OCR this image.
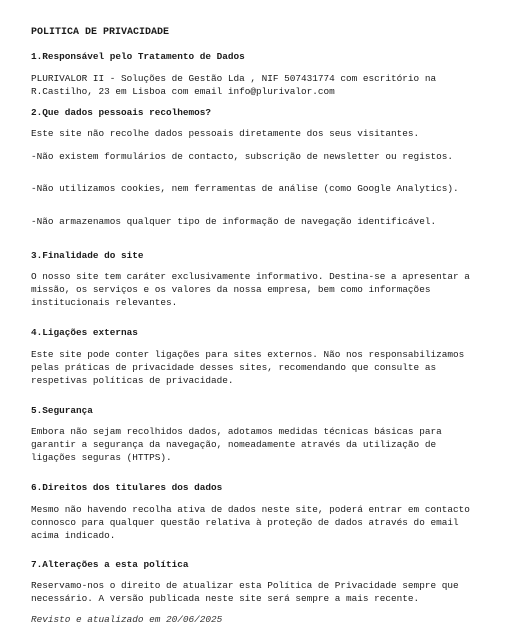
POLITICA DE PRIVACIDADE
1.Responsável pelo Tratamento de Dados
PLURIVALOR II - Soluções de Gestão Lda , NIF 507431774 com escritório na R.Castilho, 23 em Lisboa com email info@plurivalor.com
2.Que dados pessoais recolhemos?
Este site não recolhe dados pessoais diretamente dos seus visitantes.
-Não existem formulários de contacto, subscrição de newsletter ou registos.
-Não utilizamos cookies, nem ferramentas de análise (como Google Analytics).
-Não armazenamos qualquer tipo de informação de navegação identificável.
3.Finalidade do site
O nosso site tem caráter exclusivamente informativo. Destina-se a apresentar a missão, os serviços e os valores da nossa empresa, bem como informações institucionais relevantes.
4.Ligações externas
Este site pode conter ligações para sites externos. Não nos responsabilizamos pelas práticas de privacidade desses sites, recomendando que consulte as respetivas políticas de privacidade.
5.Segurança
Embora não sejam recolhidos dados, adotamos medidas técnicas básicas para garantir a segurança da navegação, nomeadamente através da utilização de ligações seguras (HTTPS).
6.Direitos dos titulares dos dados
Mesmo não havendo recolha ativa de dados neste site, poderá entrar em contacto connosco para qualquer questão relativa à proteção de dados através do email acima indicado.
7.Alterações a esta política
Reservamo-nos o direito de atualizar esta Política de Privacidade sempre que necessário. A versão publicada neste site será sempre a mais recente.
Revisto e atualizado em 20/06/2025
